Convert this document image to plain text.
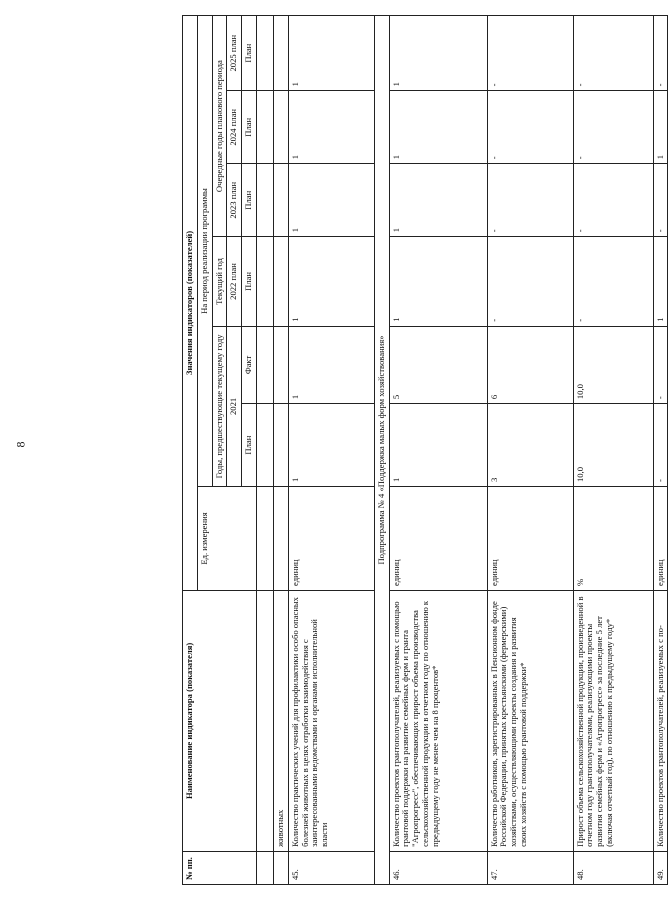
8
№ пп.	Наименование индикатора (показателя)	Значения индикаторов (показателей)						
		Ед. измерения	На период реализации программы					
			Годы, предшествующие текущему году		Текущий год	Очередные годы планового периода		
			2021		2022 план	2023 план	2024 план	2025 план
			План	Факт	План	План	План	План

	животных							
45.	Количество практических учений для профилактики особо опасных болезней животных в целях отработки взаимодействия с заинтересованными ведомствами и органами исполнительной власти	единиц	1	1	1	1	1	1
Подпрограмма № 4 «Поддержка малых форм хозяйствования»								
46.	Количество проектов грантополучателей, реализуемых с помощью грантовой поддержки на развитие семейных ферм и гранта "Агропрогресс", обеспечивающих прирост объема производства сельскохозяйственной продукции в отчетном году по отношению к предыдущему году не менее чем на 8 процентов*	единиц	1	5	1	1	1	1
47.	Количество работников, зарегистрированных в Пенсионном фонде Российской Федерации, принятых крестьянскими (фермерскими) хозяйствами, осуществляющими проекты создания и развития своих хозяйств с помощью грантовой поддержки*	единиц	3	6	-	-	-	-
48.	Прирост объема сельскохозяйственной продукции, произведенной в отчетном году грантополучателями, реализующими проекты развития семейных ферм и «Агропрогресс» за последние 5 лет (включая отчетный год), по отношению к предыдущему году*	%	10,0	10,0	-	-	-	-
49.	Количество проектов грантополучателей, реализуемых с по-	единиц	-	-	1	-	1	-
